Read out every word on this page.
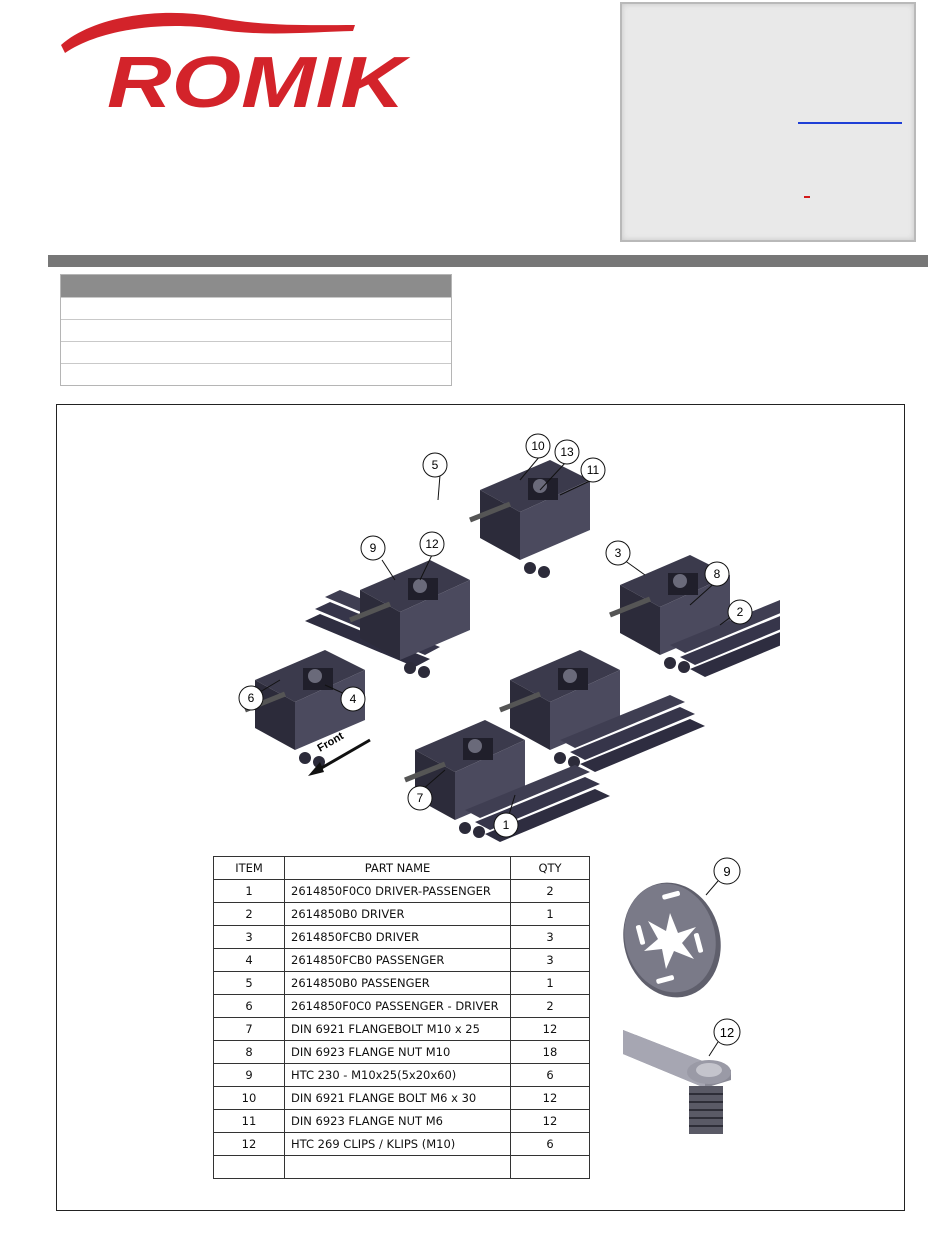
ROMIK
5
10 13
11
9	12
3
8
2
6	4
7
1
Front
ITEM	PART NAME	QTY
1	2614850F0C0 DRIVER-PASSENGER	2
2	2614850B0 DRIVER	1
3	2614850FCB0 DRIVER	3
4	2614850FCB0 PASSENGER	3
5	2614850B0 PASSENGER	1
6	2614850F0C0 PASSENGER - DRIVER	2
7	DIN 6921 FLANGEBOLT M10 x 25	12
8	DIN 6923 FLANGE NUT M10	18
9	HTC 230 - M10x25(5x20x60)	6
10	DIN 6921 FLANGE BOLT M6 x 30	12
11	DIN 6923 FLANGE NUT M6	12
12	HTC 269 CLIPS / KLIPS (M10)	6

9
12
